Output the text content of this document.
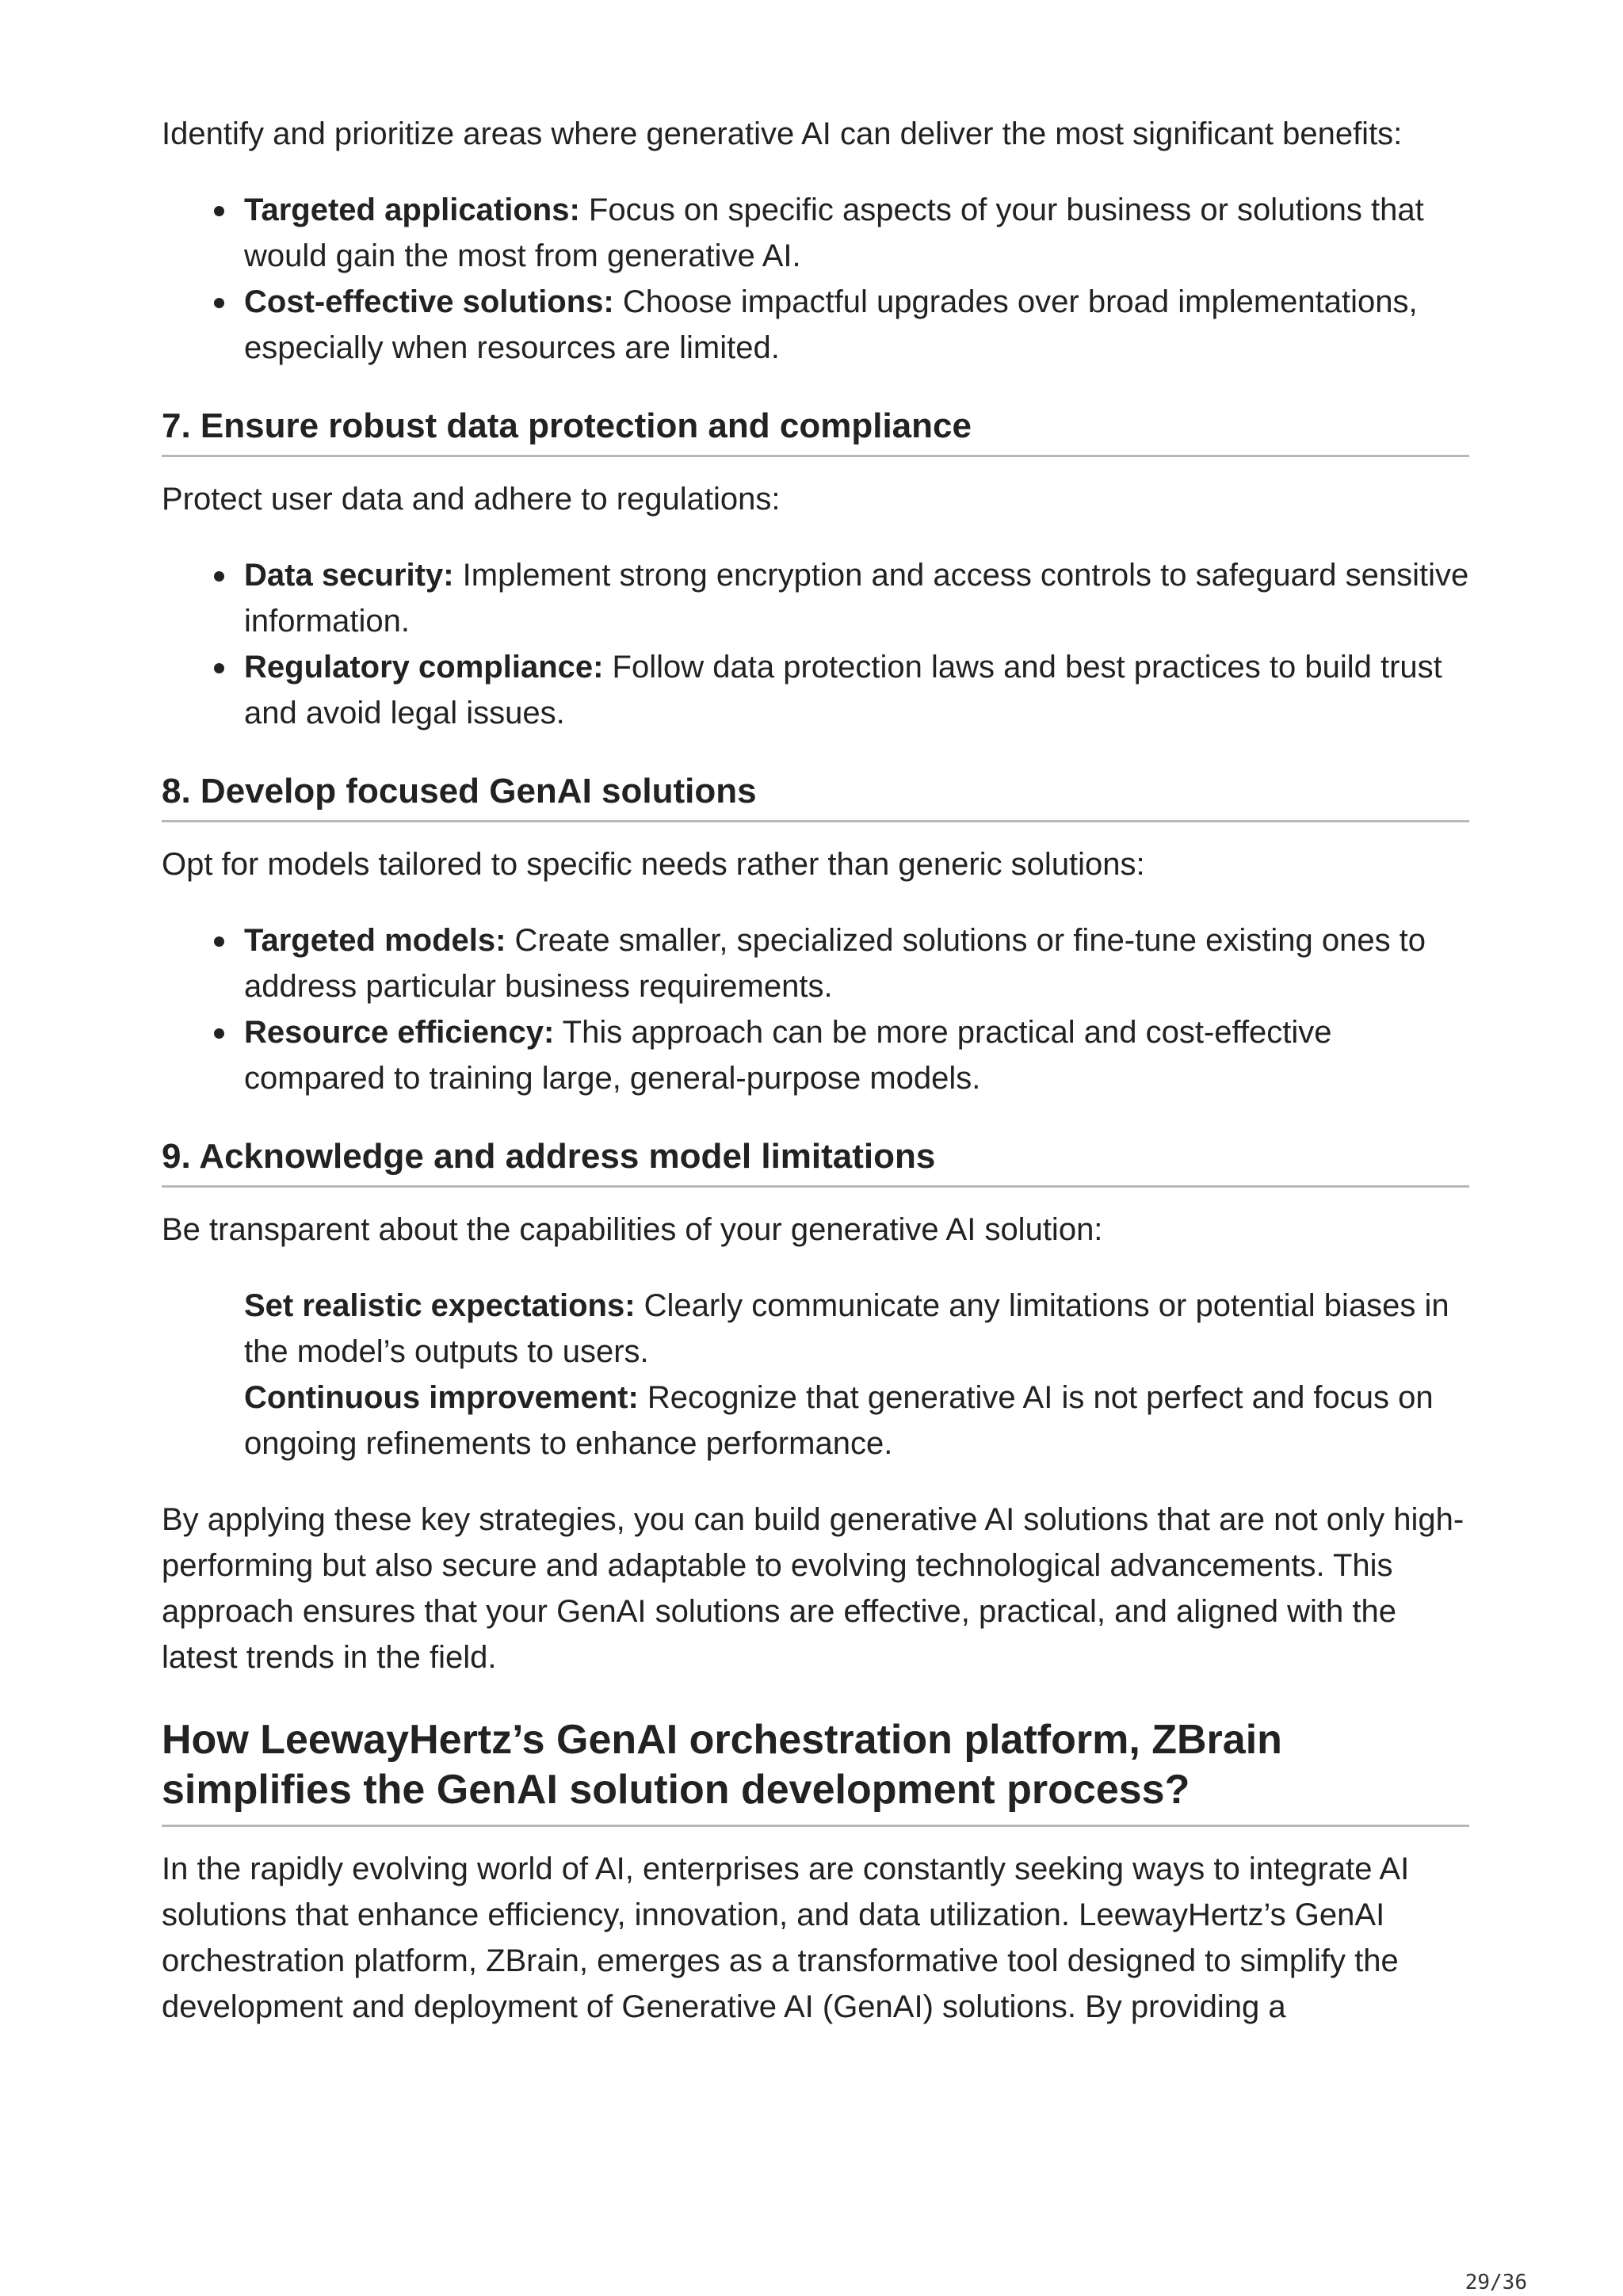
Identify and prioritize areas where generative AI can deliver the most significant benefits:

Targeted applications: Focus on specific aspects of your business or solutions that would gain the most from generative AI.
Cost-effective solutions: Choose impactful upgrades over broad implementations, especially when resources are limited.
7. Ensure robust data protection and compliance

Protect user data and adhere to regulations:

Data security: Implement strong encryption and access controls to safeguard sensitive information.
Regulatory compliance: Follow data protection laws and best practices to build trust and avoid legal issues.
8. Develop focused GenAI solutions

Opt for models tailored to specific needs rather than generic solutions:

Targeted models: Create smaller, specialized solutions or fine-tune existing ones to address particular business requirements.
Resource efficiency: This approach can be more practical and cost-effective compared to training large, general-purpose models.
9. Acknowledge and address model limitations

Be transparent about the capabilities of your generative AI solution:

Set realistic expectations: Clearly communicate any limitations or potential biases in the model’s outputs to users.
Continuous improvement: Recognize that generative AI is not perfect and focus on ongoing refinements to enhance performance.

By applying these key strategies, you can build generative AI solutions that are not only high-performing but also secure and adaptable to evolving technological advancements. This approach ensures that your GenAI solutions are effective, practical, and aligned with the latest trends in the field.

How LeewayHertz’s GenAI orchestration platform, ZBrain simplifies the GenAI solution development process?

In the rapidly evolving world of AI, enterprises are constantly seeking ways to integrate AI solutions that enhance efficiency, innovation, and data utilization. LeewayHertz’s GenAI orchestration platform, ZBrain, emerges as a transformative tool designed to simplify the development and deployment of Generative AI (GenAI) solutions. By providing a

29/36
